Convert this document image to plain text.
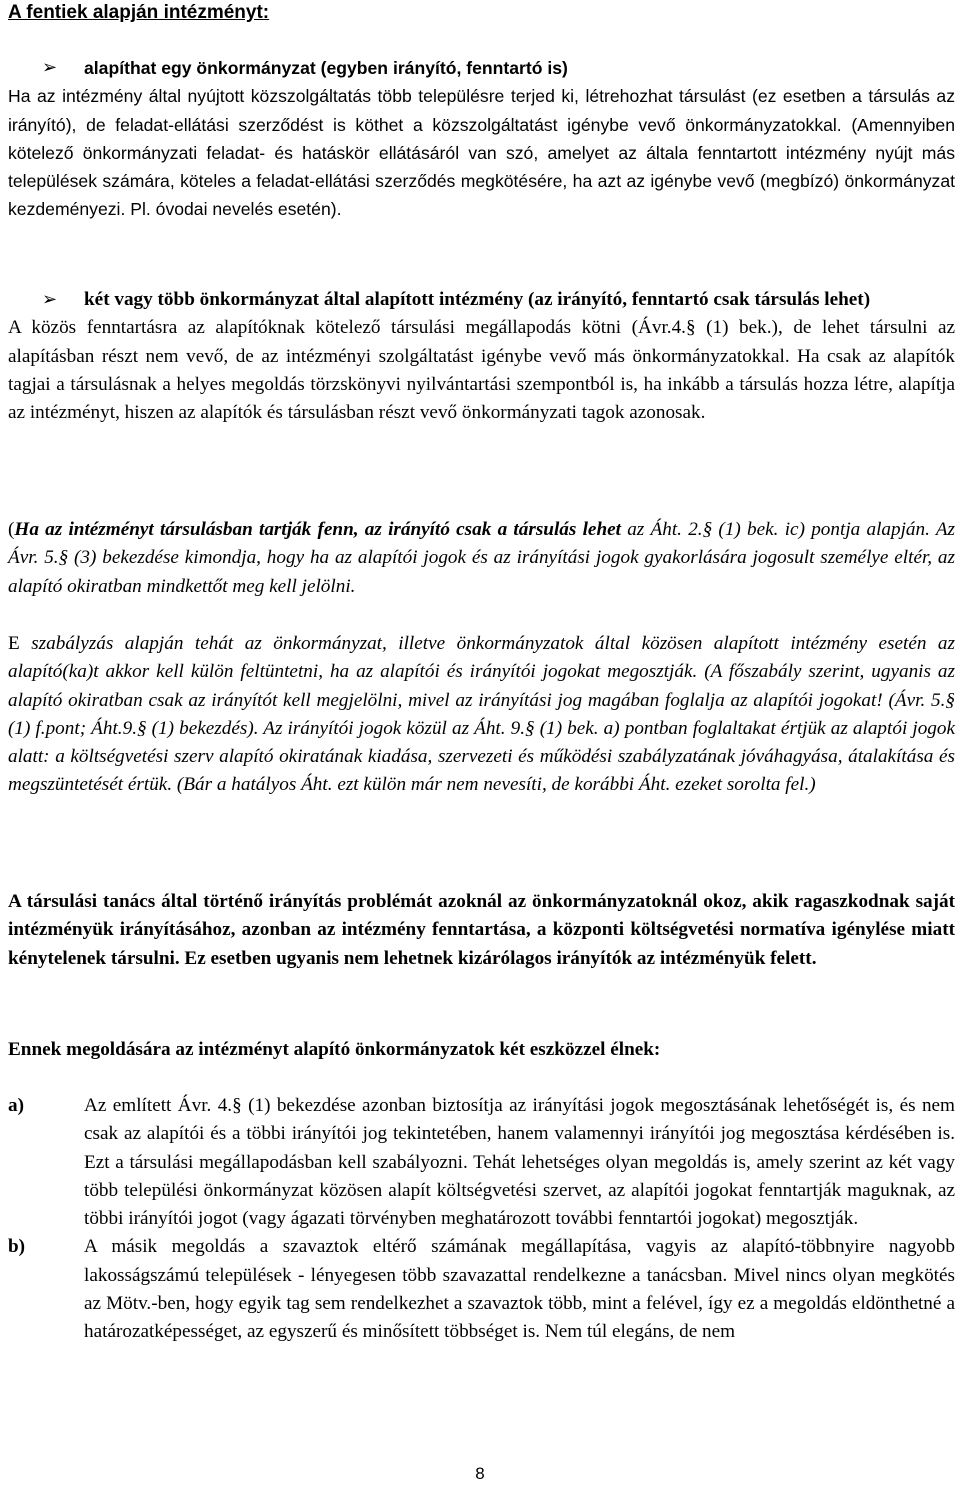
A fentiek alapján intézményt:
➢ alapíthat egy önkormányzat (egyben irányító, fenntartó is)
Ha az intézmény által nyújtott közszolgáltatás több településre terjed ki, létrehozhat társulást (ez esetben a társulás az irányító), de feladat-ellátási szerződést is köthet a közszolgáltatást igénybe vevő önkormányzatokkal. (Amennyiben kötelező önkormányzati feladat- és hatáskör ellátásáról van szó, amelyet az általa fenntartott intézmény nyújt más települések számára, köteles a feladat-ellátási szerződés megkötésére, ha azt az igénybe vevő (megbízó) önkormányzat kezdeményezi. Pl. óvodai nevelés esetén).
➢ két vagy több önkormányzat által alapított intézmény (az irányító, fenntartó csak társulás lehet)
A közös fenntartásra az alapítóknak kötelező társulási megállapodás kötni (Ávr.4.§ (1) bek.), de lehet társulni az alapításban részt nem vevő, de az intézményi szolgáltatást igénybe vevő más önkormányzatokkal. Ha csak az alapítók tagjai a társulásnak a helyes megoldás törzskönyvi nyilvántartási szempontból is, ha inkább a társulás hozza létre, alapítja az intézményt, hiszen az alapítók és társulásban részt vevő önkormányzati tagok azonosak.
(Ha az intézményt társulásban tartják fenn, az irányító csak a társulás lehet az Áht. 2.§ (1) bek. ic) pontja alapján. Az Ávr. 5.§ (3) bekezdése kimondja, hogy ha az alapítói jogok és az irányítási jogok gyakorlására jogosult személye eltér, az alapító okiratban mindkettőt meg kell jelölni.
E szabályzás alapján tehát az önkormányzat, illetve önkormányzatok által közösen alapított intézmény esetén az alapító(ka)t akkor kell külön feltüntetni, ha az alapítói és irányítói jogokat megosztják. (A főszabály szerint, ugyanis az alapító okiratban csak az irányítót kell megjelölni, mivel az irányítási jog magában foglalja az alapítói jogokat! (Ávr. 5.§ (1) f.pont; Áht.9.§ (1) bekezdés). Az irányítói jogok közül az Áht. 9.§ (1) bek. a) pontban foglaltakat értjük az alaptói jogok alatt: a költségvetési szerv alapító okiratának kiadása, szervezeti és működési szabályzatának jóváhagyása, átalakítása és megszüntetését értük. (Bár a hatályos Áht. ezt külön már nem nevesíti, de korábbi Áht. ezeket sorolta fel.)
A társulási tanács által történő irányítás problémát azoknál az önkormányzatoknál okoz, akik ragaszkodnak saját intézményük irányításához, azonban az intézmény fenntartása, a központi költségvetési normatíva igénylése miatt kénytelenek társulni. Ez esetben ugyanis nem lehetnek kizárólagos irányítók az intézményük felett.
Ennek megoldására az intézményt alapító önkormányzatok két eszközzel élnek:
a)	Az említett Ávr. 4.§ (1) bekezdése azonban biztosítja az irányítási jogok megosztásának lehetőségét is, és nem csak az alapítói és a többi irányítói jog tekintetében, hanem valamennyi irányítói jog megosztása kérdésében is. Ezt a társulási megállapodásban kell szabályozni. Tehát lehetséges olyan megoldás is, amely szerint az két vagy több települési önkormányzat közösen alapít költségvetési szervet, az alapítói jogokat fenntartják maguknak, az többi irányítói jogot (vagy ágazati törvényben meghatározott további fenntartói jogokat) megosztják.
b)	A másik megoldás a szavaztok eltérő számának megállapítása, vagyis az alapító-többnyire nagyobb lakosságszámú települések - lényegesen több szavazattal rendelkezne a tanácsban. Mivel nincs olyan megkötés az Mötv.-ben, hogy egyik tag sem rendelkezhet a szavaztok több, mint a felével, így ez a megoldás eldönthetné a határozatképességet, az egyszerű és minősített többséget is. Nem túl elegáns, de nem
8
